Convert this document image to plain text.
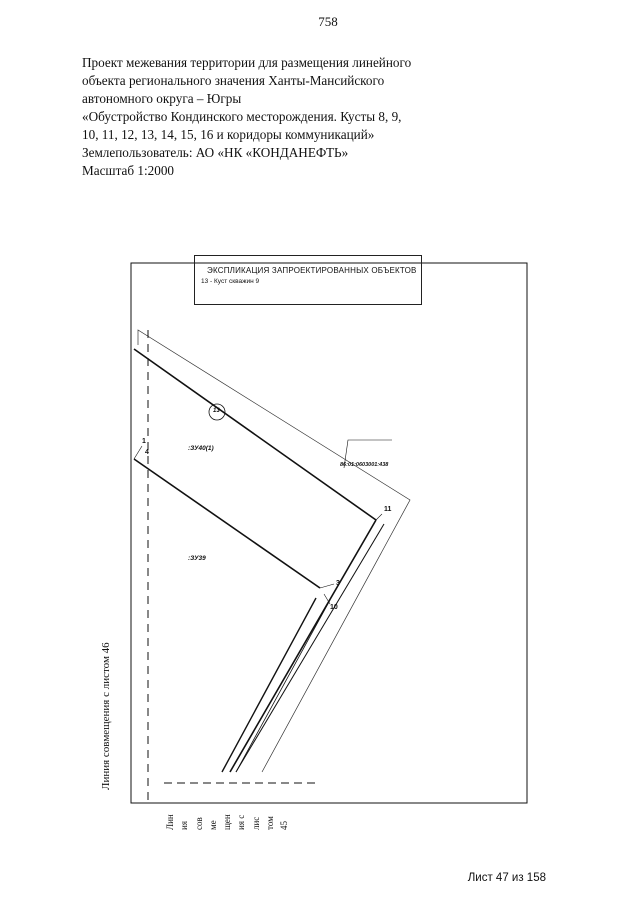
758
Проект межевания территории для размещения линейного
объекта регионального значения Ханты-Мансийского
автономного округа – Югры
«Обустройство Кондинского месторождения. Кусты 8, 9,
10, 11, 12, 13, 14, 15, 16 и коридоры коммуникаций»
Землепользователь: АО «НК «КОНДАНЕФТЬ»
Масштаб 1:2000
ЭКСПЛИКАЦИЯ ЗАПРОЕКТИРОВАННЫХ ОБЪЕКТОВ
13 - Куст скважин 9
:ЗУ40(1)
:ЗУ39
86:01:0603001:438
13
1
4
11
3
10
Линия совмещения с листом 46
Лин
ия
сов
мe
щен
ия с
лис
том
45
Лист 47 из 158
